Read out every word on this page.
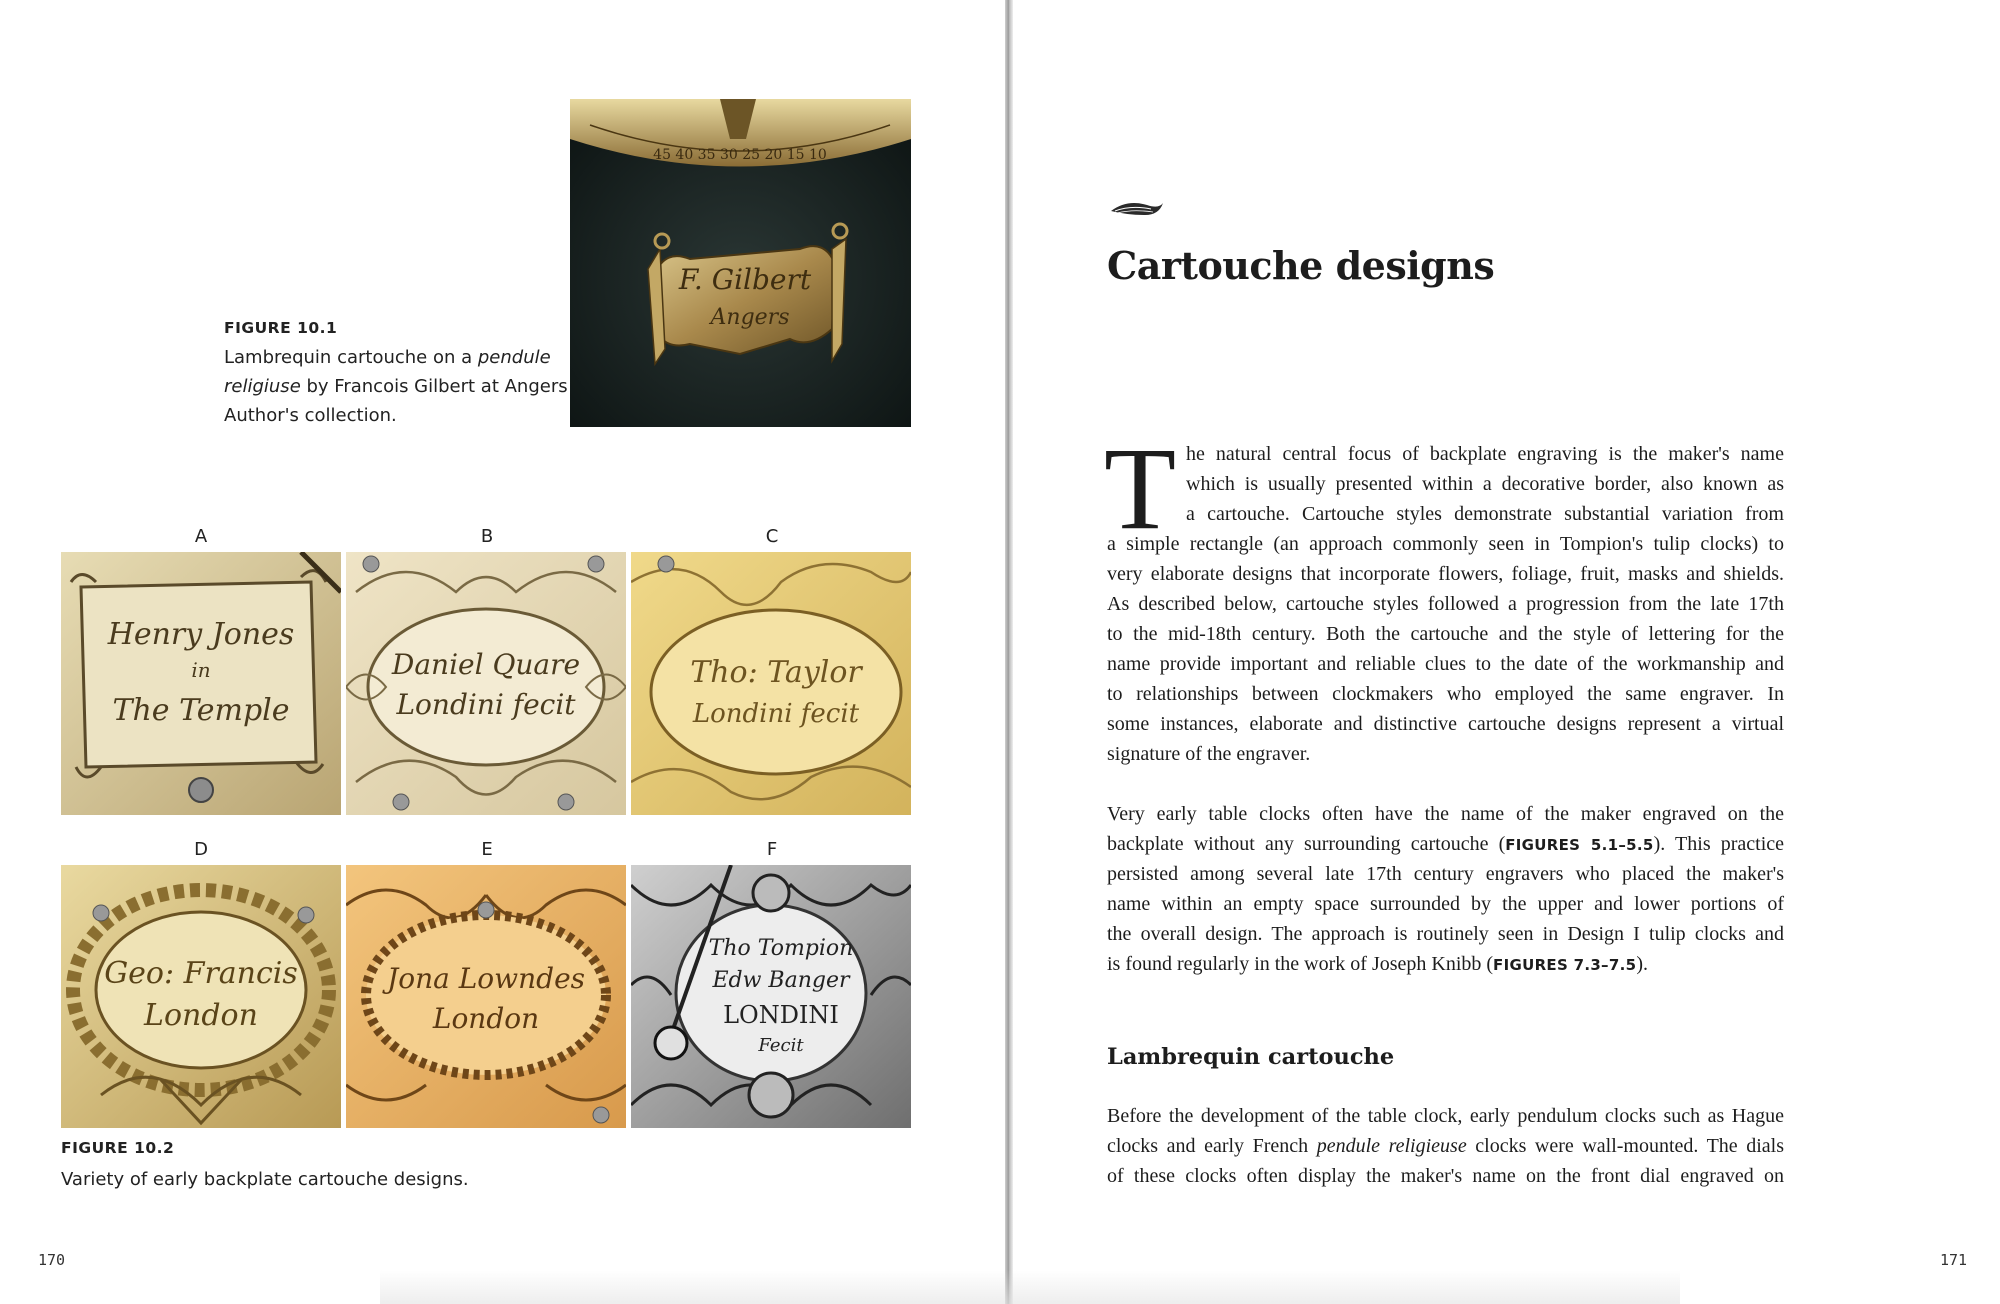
FIGURE 10.1
Lambrequin cartouche on a pendule
religiuse by Francois Gilbert at Angers
Author's collection.
45 40 35 30 25 20 15 10
F. Gilbert
Angers
A	B	C
D	E	F
Henry Jones
in
The Temple
Daniel Quare
Londini fecit
Tho: Taylor
Londini fecit
Geo: Francis
London
Jona Lowndes
London
Tho Tompion
Edw Banger
LONDINI
Fecit
FIGURE 10.2
Variety of early backplate cartouche designs.
170
Cartouche designs
T he natural central focus of backplate engraving is the maker's name
which is usually presented within a decorative border, also known as
a cartouche. Cartouche styles demonstrate substantial variation from
a simple rectangle (an approach commonly seen in Tompion's tulip clocks) to
very elaborate designs that incorporate flowers, foliage, fruit, masks and shields.
As described below, cartouche styles followed a progression from the late 17th
to the mid-18th century. Both the cartouche and the style of lettering for the
name provide important and reliable clues to the date of the workmanship and
to relationships between clockmakers who employed the same engraver. In
some instances, elaborate and distinctive cartouche designs represent a virtual
signature of the engraver.
Very early table clocks often have the name of the maker engraved on the
backplate without any surrounding cartouche (FIGURES 5.1–5.5). This practice
persisted among several late 17th century engravers who placed the maker's
name within an empty space surrounded by the upper and lower portions of
the overall design. The approach is routinely seen in Design I tulip clocks and
is found regularly in the work of Joseph Knibb (FIGURES 7.3–7.5).
Lambrequin cartouche
Before the development of the table clock, early pendulum clocks such as Hague
clocks and early French pendule religieuse clocks were wall-mounted. The dials
of these clocks often display the maker's name on the front dial engraved on
171
